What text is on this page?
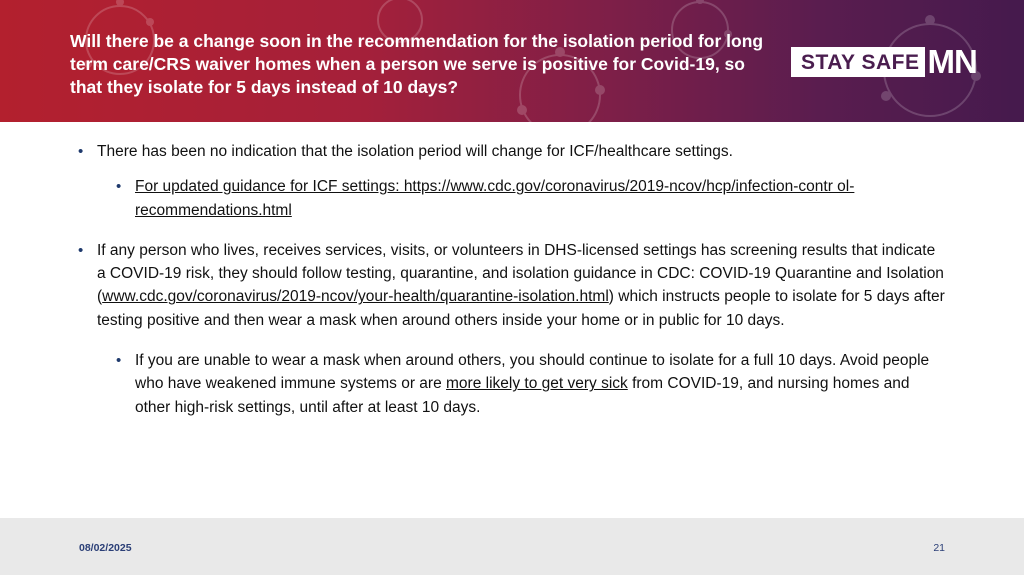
Will there be a change soon in the recommendation for the isolation period for long term care/CRS waiver homes when a person we serve is positive for Covid-19, so that they isolate for 5 days instead of 10 days?
STAY SAFE MN
• There has been no indication that the isolation period will change for ICF/healthcare settings.
• For updated guidance for ICF settings: https://www.cdc.gov/coronavirus/2019-ncov/hcp/infection-contr ol-recommendations.html
• If any person who lives, receives services, visits, or volunteers in DHS-licensed settings has screening results that indicate a COVID-19 risk, they should follow testing, quarantine, and isolation guidance in CDC: COVID-19 Quarantine and Isolation (www.cdc.gov/coronavirus/2019-ncov/your-health/quarantine-isolation.html) which instructs people to isolate for 5 days after testing positive and then wear a mask when around others inside your home or in public for 10 days.
• If you are unable to wear a mask when around others, you should continue to isolate for a full 10 days. Avoid people who have weakened immune systems or are more likely to get very sick from COVID-19, and nursing homes and other high-risk settings, until after at least 10 days.
08/02/2025	21
